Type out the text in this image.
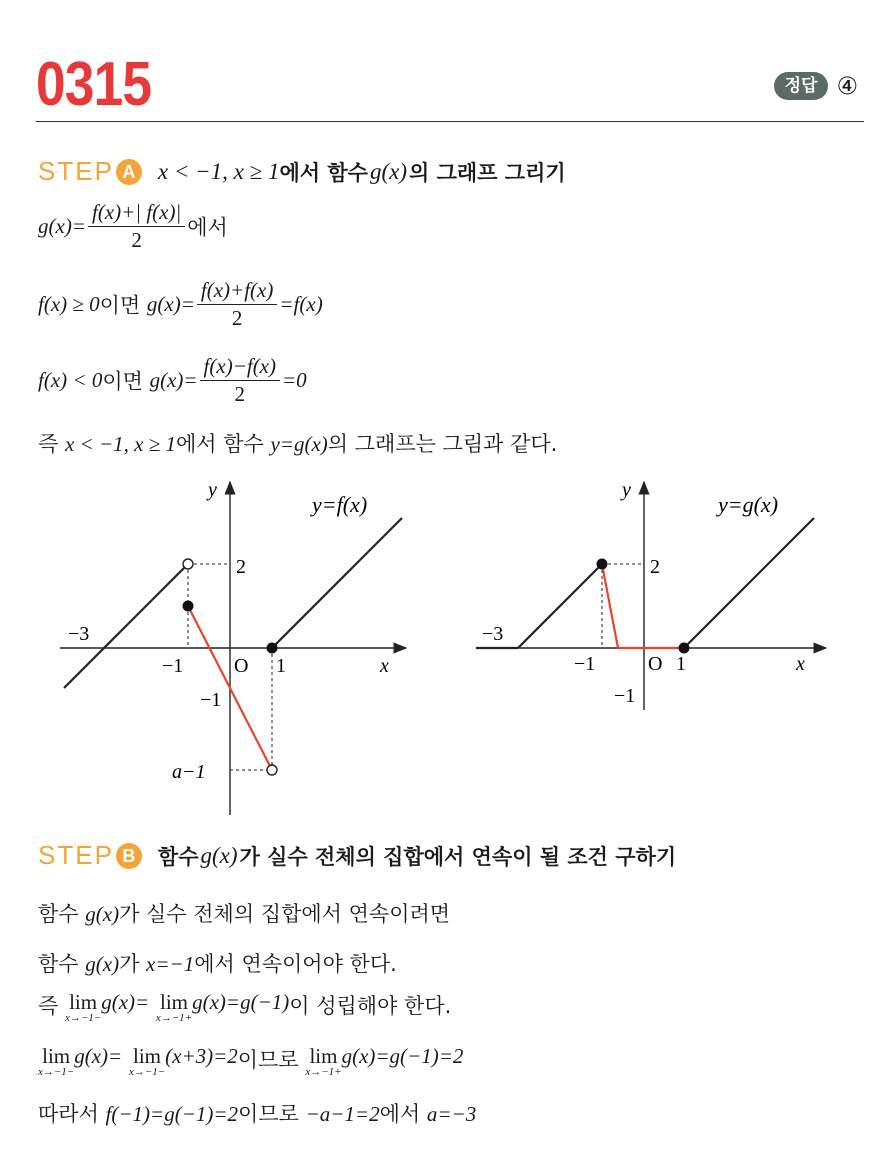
0315	정답 ④
STEP A x < −1, x ≥ 1 에서 함수 g(x) 의 그래프 그리기
$g(x)= \frac{f(x)+| f(x)|}{2}$ 에서
f(x) ≥ 0이면 $g(x)= \frac{f(x)+f(x)}{2} =f(x)$
f(x) < 0이면 $g(x)= \frac{f(x)-f(x)}{2} =0$
즉 x < −1, x ≥ 1에서 함수 y=g(x)의 그래프는 그림과 같다.
y=f(x)
y
x
O
2
−3
−1	1
−1
a−1
y=g(x)
y
x
O
2
−3
−1	1
−1
STEP B	함수 g(x) 가 실수 전체의 집합에서 연속이 될 조건 구하기
함수 g(x)가 실수 전체의 집합에서 연속이려면
함수 g(x)가 x=−1에서 연속이어야 한다.
즉 lim
x→−1−
g(x)= lim
x→−1+
g(x)=g(−1)이 성립해야 한다.
lim
x→−1−
g(x)= lim
x→−1−
(x+3)=2이므로 lim
x→−1+
g(x)=g(−1)=2
따라서 f(−1)=g(−1)=2이므로 −a−1=2에서 a=−3
